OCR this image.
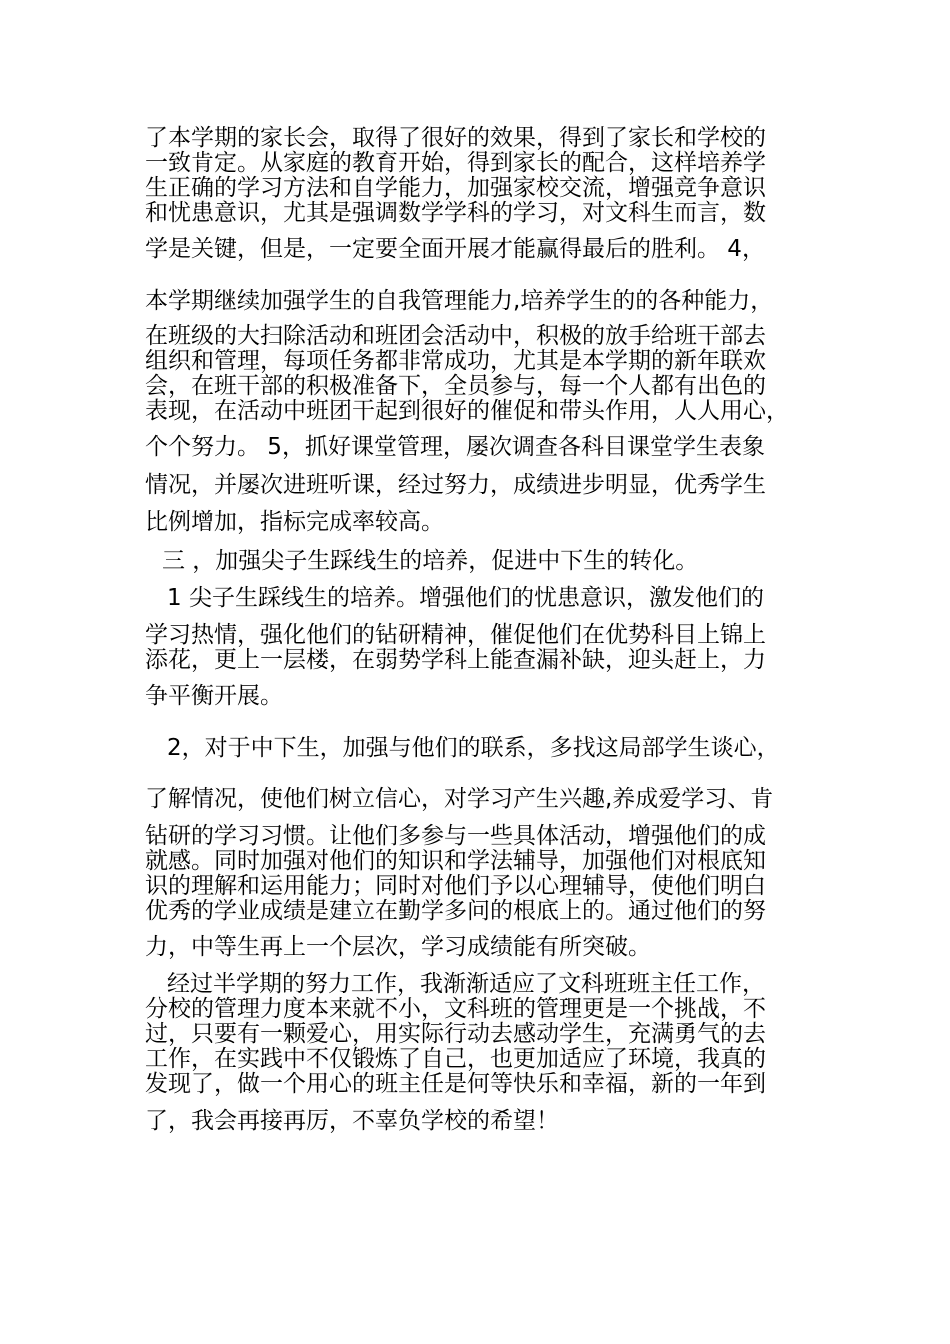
了本学期的家长会，取得了很好的效果，得到了家长和学校的
一致肯定。从家庭的教育开始，得到家长的配合，这样培养学
生正确的学习方法和自学能力，加强家校交流，增强竞争意识
和忧患意识，尤其是强调数学学科的学习，对文科生而言，数
学是关键，但是，一定要全面开展才能赢得最后的胜利。 4，
本学期继续加强学生的自我管理能力,培养学生的的各种能力，
在班级的大扫除活动和班团会活动中，积极的放手给班干部去
组织和管理，每项任务都非常成功，尤其是本学期的新年联欢
会，在班干部的积极准备下，全员参与，每一个人都有出色的
表现，在活动中班团干起到很好的催促和带头作用，人人用心，
个个努力。 5，抓好课堂管理，屡次调查各科目课堂学生表象
情况，并屡次进班听课，经过努力，成绩进步明显，优秀学生
比例增加，指标完成率较高。
三 ，加强尖子生踩线生的培养，促进中下生的转化。
1 尖子生踩线生的培养。增强他们的忧患意识，激发他们的
学习热情，强化他们的钻研精神，催促他们在优势科目上锦上
添花，更上一层楼，在弱势学科上能查漏补缺，迎头赶上，力
争平衡开展。
2，对于中下生，加强与他们的联系，多找这局部学生谈心，
了解情况，使他们树立信心，对学习产生兴趣,养成爱学习、肯
钻研的学习习惯。让他们多参与一些具体活动，增强他们的成
就感。同时加强对他们的知识和学法辅导，加强他们对根底知
识的理解和运用能力；同时对他们予以心理辅导，使他们明白
优秀的学业成绩是建立在勤学多问的根底上的。通过他们的努
力，中等生再上一个层次，学习成绩能有所突破。
经过半学期的努力工作，我渐渐适应了文科班班主任工作，
分校的管理力度本来就不小，文科班的管理更是一个挑战，不
过，只要有一颗爱心，用实际行动去感动学生，充满勇气的去
工作，在实践中不仅锻炼了自己，也更加适应了环境，我真的
发现了，做一个用心的班主任是何等快乐和幸福，新的一年到
了，我会再接再厉，不辜负学校的希望！
